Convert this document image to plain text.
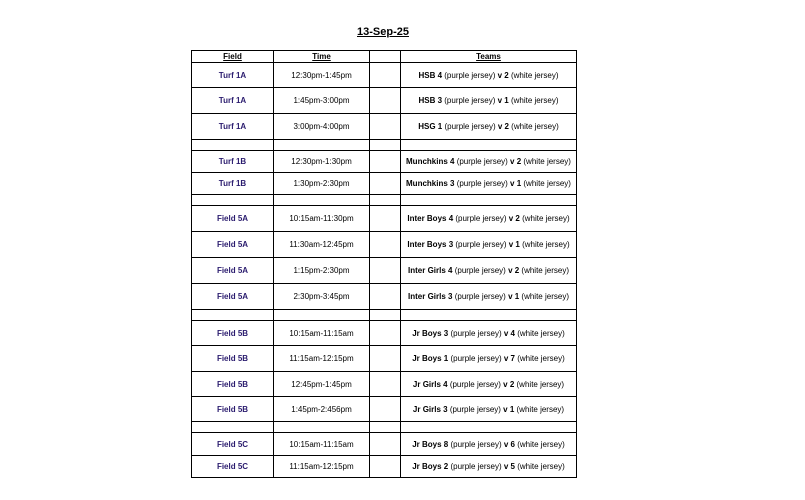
13-Sep-25
Field	Time		Teams
Turf 1A	12:30pm-1:45pm		HSB 4 (purple jersey) v 2 (white jersey)
Turf 1A	1:45pm-3:00pm		HSB 3 (purple jersey) v 1 (white jersey)
Turf 1A	3:00pm-4:00pm		HSG 1 (purple jersey) v 2 (white jersey)

Turf 1B	12:30pm-1:30pm		Munchkins 4 (purple jersey) v 2 (white jersey)
Turf 1B	1:30pm-2:30pm		Munchkins 3 (purple jersey) v 1 (white jersey)

Field 5A	10:15am-11:30pm		Inter Boys 4 (purple jersey) v 2 (white jersey)
Field 5A	11:30am-12:45pm		Inter Boys 3 (purple jersey) v 1 (white jersey)
Field 5A	1:15pm-2:30pm		Inter Girls 4 (purple jersey) v 2 (white jersey)
Field 5A	2:30pm-3:45pm		Inter Girls 3 (purple jersey) v 1 (white jersey)

Field 5B	10:15am-11:15am		Jr Boys 3 (purple jersey) v 4 (white jersey)
Field 5B	11:15am-12:15pm		Jr Boys 1 (purple jersey) v 7 (white jersey)
Field 5B	12:45pm-1:45pm		Jr Girls 4 (purple jersey) v 2 (white jersey)
Field 5B	1:45pm-2:456pm		Jr Girls 3 (purple jersey) v 1 (white jersey)

Field 5C	10:15am-11:15am		Jr Boys 8 (purple jersey) v 6 (white jersey)
Field 5C	11:15am-12:15pm		Jr Boys 2 (purple jersey) v 5 (white jersey)
